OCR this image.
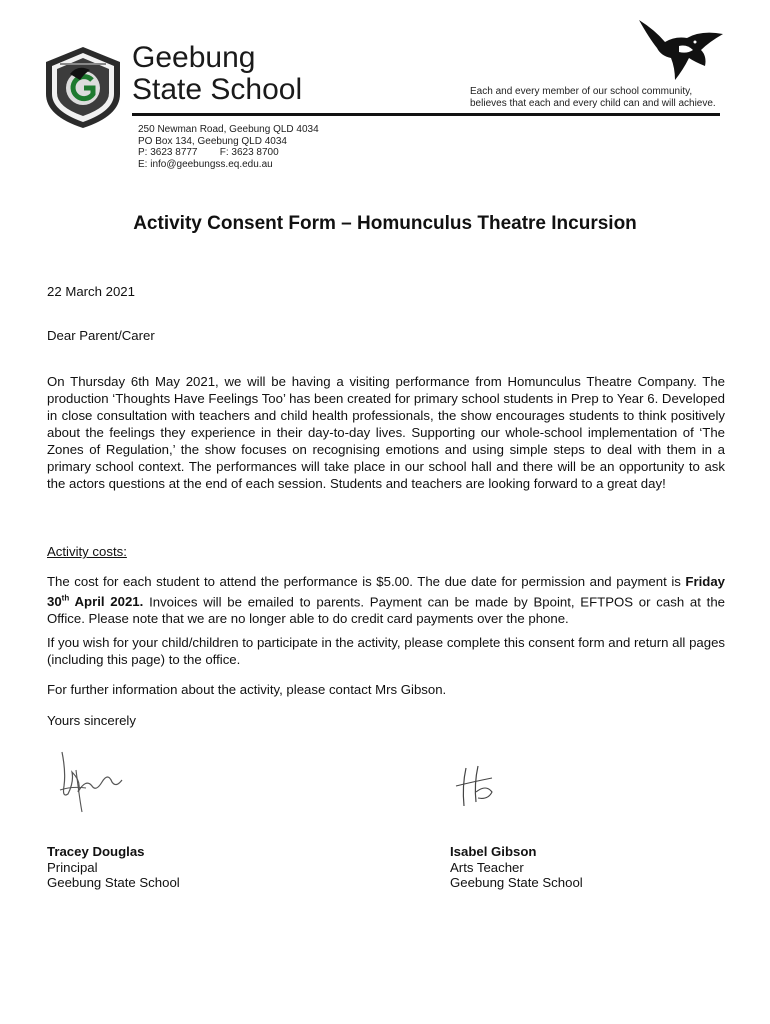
Geebung
State School	Each and every member of our school community,
believes that each and every child can and will achieve.
250 Newman Road, Geebung QLD 4034
PO Box 134, Geebung QLD 4034
P: 3623 8777 F: 3623 8700
E: info@geebungss.eq.edu.au
Activity Consent Form – Homunculus Theatre Incursion
22 March 2021
Dear Parent/Carer
On Thursday 6th May 2021, we will be having a visiting performance from Homunculus Theatre Company. The production ‘Thoughts Have Feelings Too’ has been created for primary school students in Prep to Year 6. Developed in close consultation with teachers and child health professionals, the show encourages students to think positively about the feelings they experience in their day-to-day lives. Supporting our whole-school implementation of ‘The Zones of Regulation,’ the show focuses on recognising emotions and using simple steps to deal with them in a primary school context. The performances will take place in our school hall and there will be an opportunity to ask the actors questions at the end of each session. Students and teachers are looking forward to a great day!
Activity costs:
The cost for each student to attend the performance is $5.00. The due date for permission and payment is Friday 30th April 2021. Invoices will be emailed to parents. Payment can be made by Bpoint, EFTPOS or cash at the Office. Please note that we are no longer able to do credit card payments over the phone.
If you wish for your child/children to participate in the activity, please complete this consent form and return all pages (including this page) to the office.
For further information about the activity, please contact Mrs Gibson.
Yours sincerely
Tracey Douglas
Principal
Geebung State School
Isabel Gibson
Arts Teacher
Geebung State School
